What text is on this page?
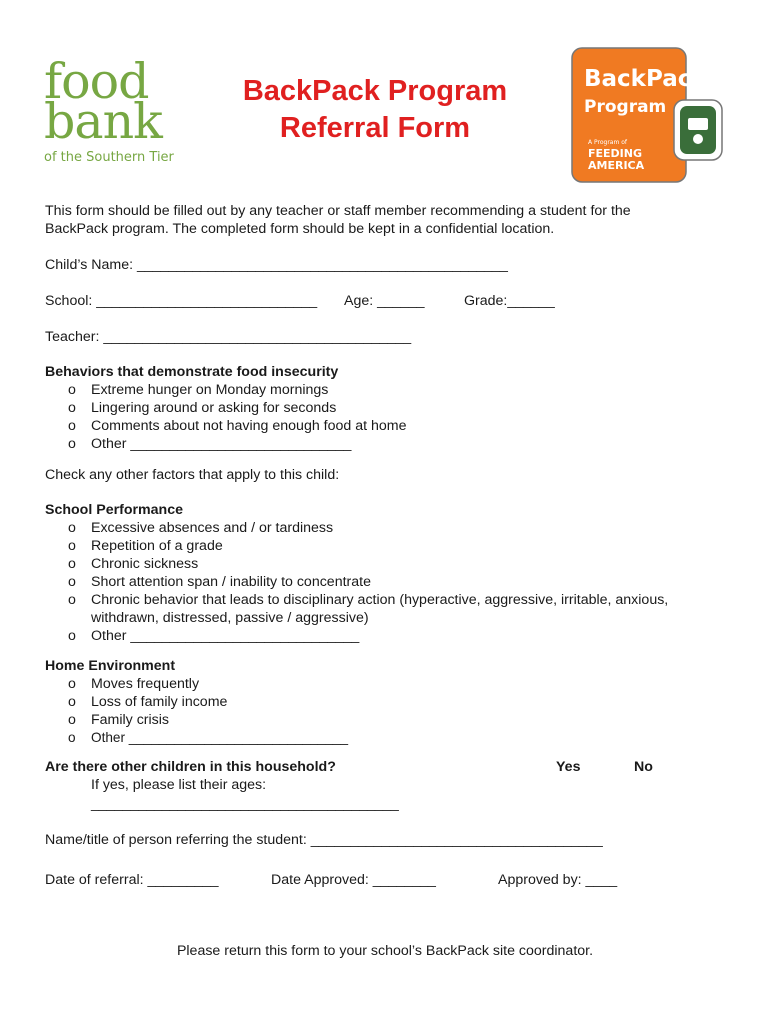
food
bank
of the Southern Tier
BackPack Program
Referral Form
BackPack
Program
A Program of
FEEDING
AMERICA
This form should be filled out by any teacher or staff member recommending a student for the
BackPack program. The completed form should be kept in a confidential location.
Child’s Name: _______________________________________________
School: ____________________________ Age: ______	Grade:______
Teacher: _______________________________________
Behaviors that demonstrate food insecurity
o Extreme hunger on Monday mornings
o Lingering around or asking for seconds
o Comments about not having enough food at home
o Other ____________________________
Check any other factors that apply to this child:
School Performance
o Excessive absences and / or tardiness
o Repetition of a grade
o Chronic sickness
o Short attention span / inability to concentrate
o Chronic behavior that leads to disciplinary action (hyperactive, aggressive, irritable, anxious,
withdrawn, distressed, passive / aggressive)
o Other _____________________________
Home Environment
o Moves frequently
o Loss of family income
o Family crisis
o Other _____________________________
Are there other children in this household?	Yes	No
If yes, please list their ages:
_______________________________________
Name/title of person referring the student: _____________________________________
Date of referral: _________	Date Approved: ________	Approved by: ____
Please return this form to your school’s BackPack site coordinator.
